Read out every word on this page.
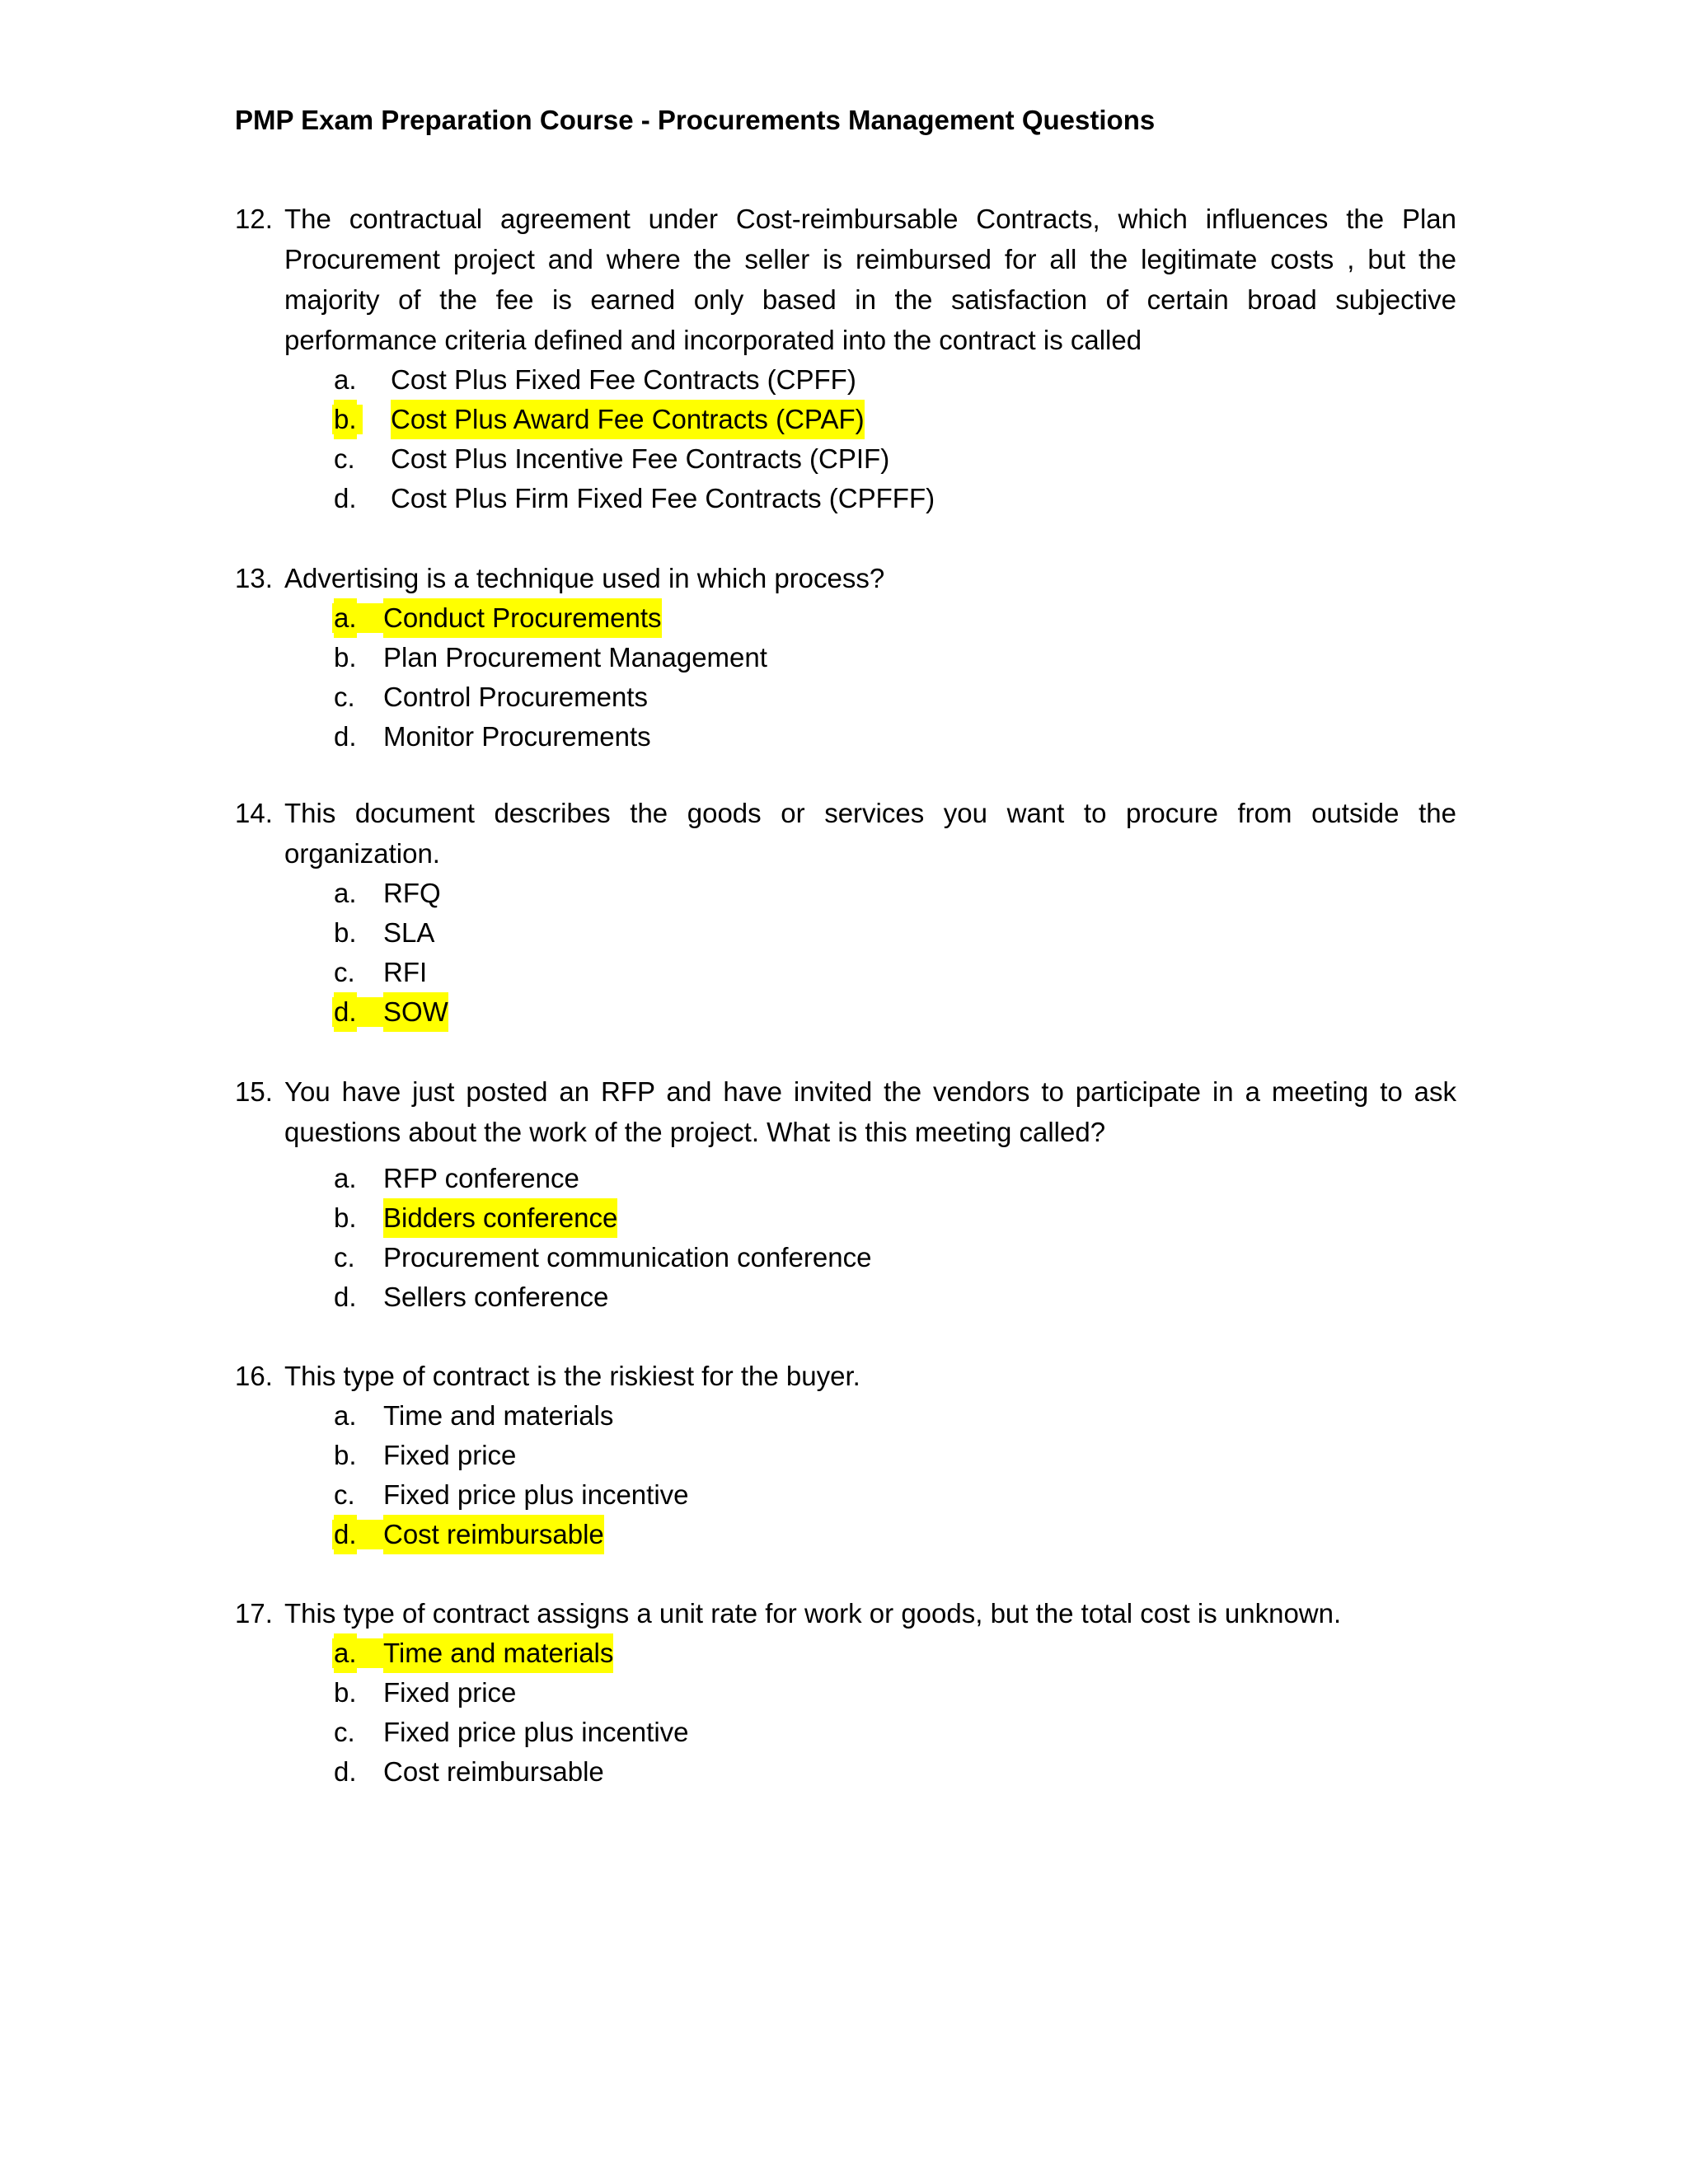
PMP Exam Preparation Course - Procurements Management Questions
12. The contractual agreement under Cost-reimbursable Contracts, which influences the Plan Procurement project and where the seller is reimbursed for all the legitimate costs , but the majority of the fee is earned only based in the satisfaction of certain broad subjective performance criteria defined and incorporated into the contract is called
a. Cost Plus Fixed Fee Contracts (CPFF)
b. Cost Plus Award Fee Contracts (CPAF)
c. Cost Plus Incentive Fee Contracts (CPIF)
d. Cost Plus Firm Fixed Fee Contracts (CPFFF)
13. Advertising is a technique used in which process?
a. Conduct Procurements
b. Plan Procurement Management
c. Control Procurements
d. Monitor Procurements
14. This document describes the goods or services you want to procure from outside the organization.
a. RFQ
b. SLA
c. RFI
d. SOW
15. You have just posted an RFP and have invited the vendors to participate in a meeting to ask questions about the work of the project. What is this meeting called?
a. RFP conference
b. Bidders conference
c. Procurement communication conference
d. Sellers conference
16. This type of contract is the riskiest for the buyer.
a. Time and materials
b. Fixed price
c. Fixed price plus incentive
d. Cost reimbursable
17. This type of contract assigns a unit rate for work or goods, but the total cost is unknown.
a. Time and materials
b. Fixed price
c. Fixed price plus incentive
d. Cost reimbursable
